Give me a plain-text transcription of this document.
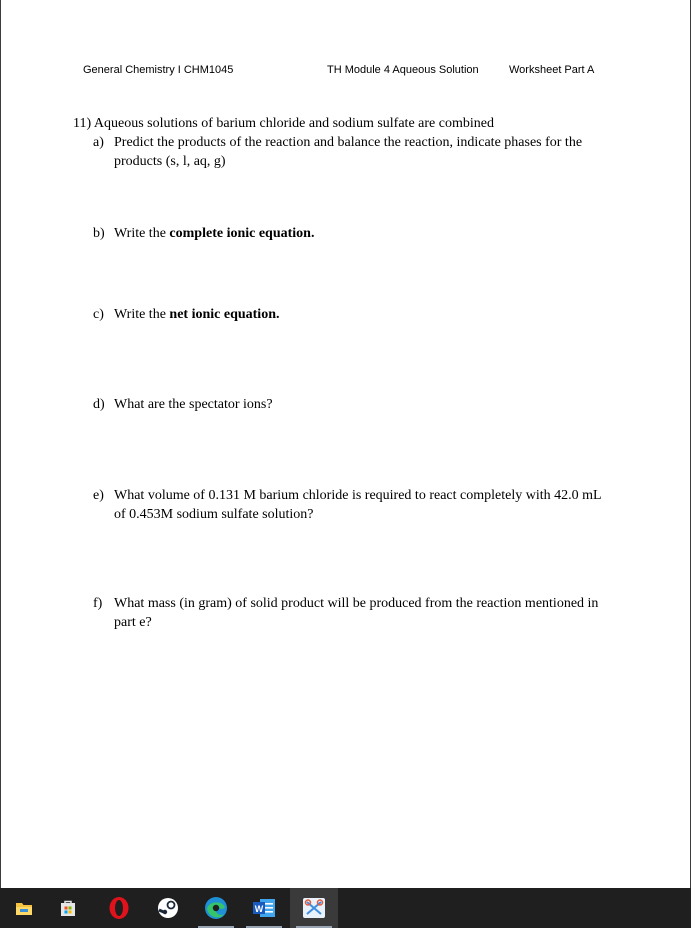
General Chemistry I CHM1045	TH Module 4 Aqueous Solution	Worksheet Part A

11) Aqueous solutions of barium chloride and sodium sulfate are combined

a) Predict the products of the reaction and balance the reaction, indicate phases for the products (s, l, aq, g)
b) Write the complete ionic equation.
c) Write the net ionic equation.
d) What are the spectator ions?
e) What volume of 0.131 M barium chloride is required to react completely with 42.0 mL of 0.453M sodium sulfate solution?
f) What mass (in gram) of solid product will be produced from the reaction mentioned in part e?
W
